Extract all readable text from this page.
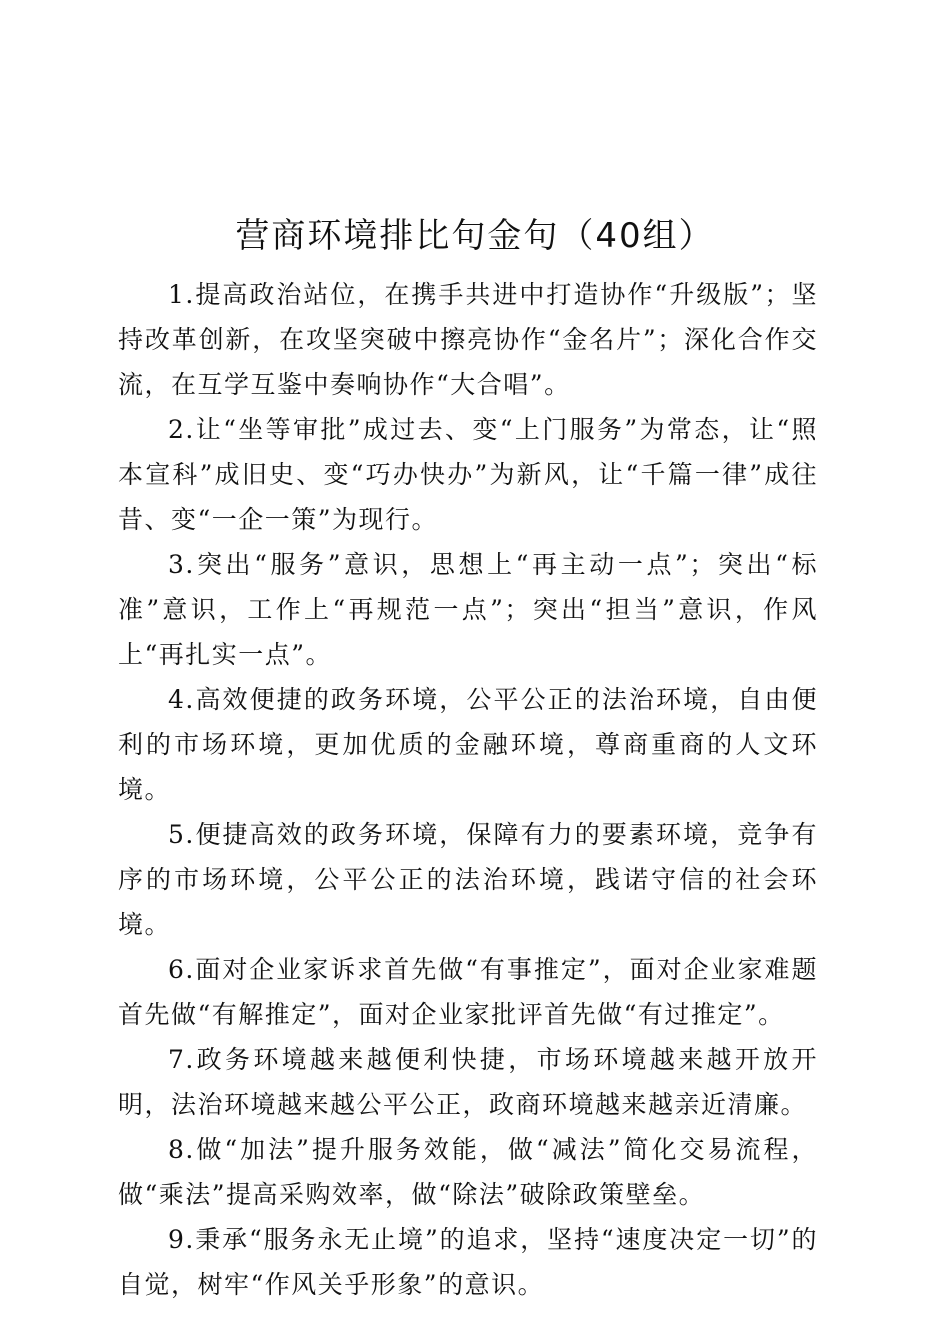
营商环境排比句金句（40组）

1.提高政治站位，在携手共进中打造协作“升级版”；坚持改革创新，在攻坚突破中擦亮协作“金名片”；深化合作交流，在互学互鉴中奏响协作“大合唱”。

2.让“坐等审批”成过去、变“上门服务”为常态，让“照本宣科”成旧史、变“巧办快办”为新风，让“千篇一律”成往昔、变“一企一策”为现行。

3.突出“服务”意识，思想上“再主动一点”；突出“标准”意识，工作上“再规范一点”；突出“担当”意识，作风上“再扎实一点”。

4.高效便捷的政务环境，公平公正的法治环境，自由便利的市场环境，更加优质的金融环境，尊商重商的人文环境。

5.便捷高效的政务环境，保障有力的要素环境，竞争有序的市场环境，公平公正的法治环境，践诺守信的社会环境。

6.面对企业家诉求首先做“有事推定”，面对企业家难题首先做“有解推定”，面对企业家批评首先做“有过推定”。

7.政务环境越来越便利快捷，市场环境越来越开放开明，法治环境越来越公平公正，政商环境越来越亲近清廉。

8.做“加法”提升服务效能，做“减法”简化交易流程，做“乘法”提高采购效率，做“除法”破除政策壁垒。

9.秉承“服务永无止境”的追求，坚持“速度决定一切”的自觉，树牢“作风关乎形象”的意识。
